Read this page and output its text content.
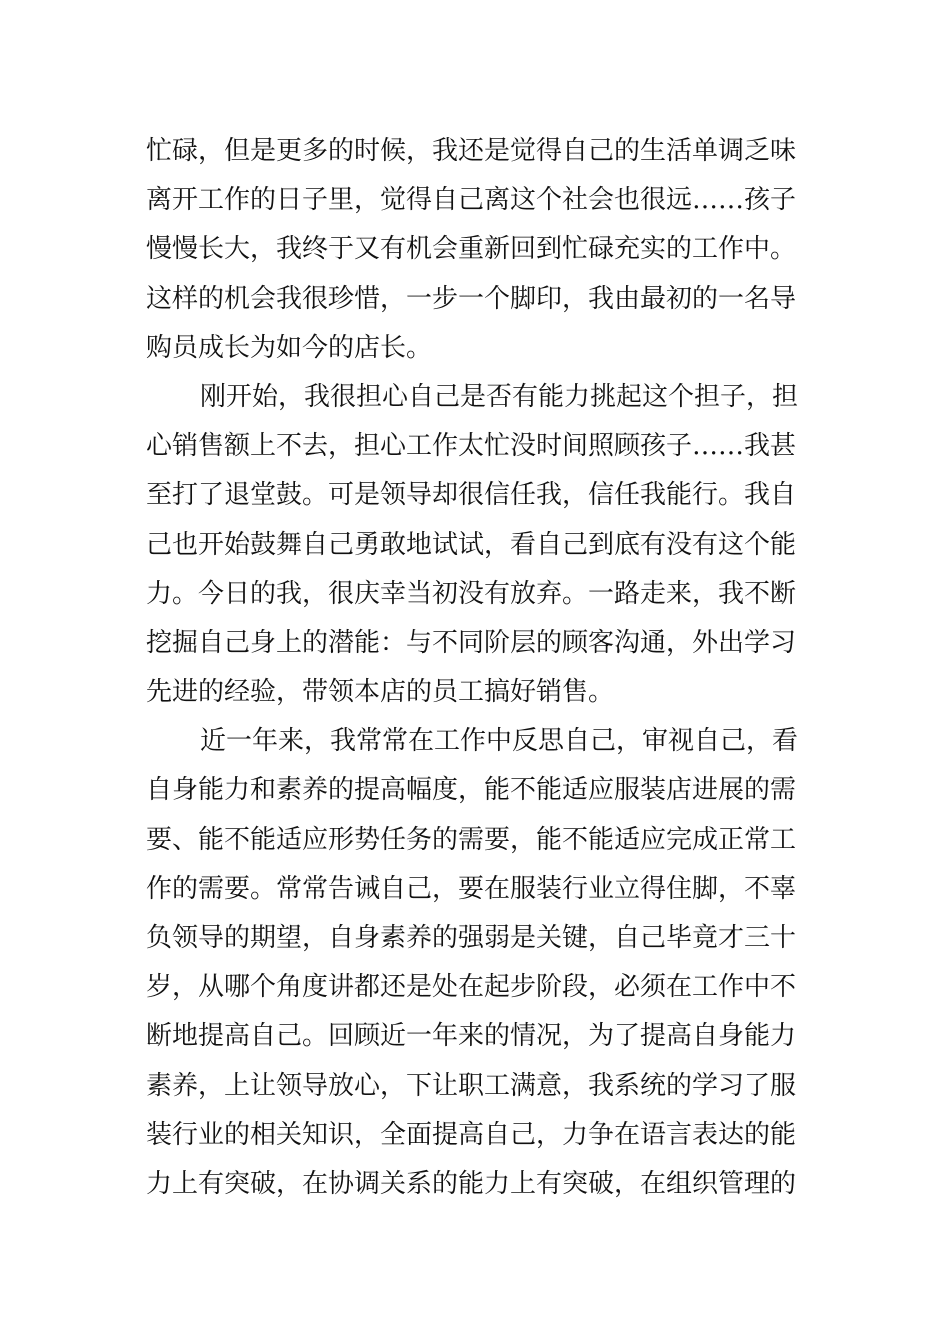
忙碌，但是更多的时候，我还是觉得自己的生活单调乏味
离开工作的日子里，觉得自己离这个社会也很远……孩子
慢慢长大，我终于又有机会重新回到忙碌充实的工作中。
这样的机会我很珍惜，一步一个脚印，我由最初的一名导
购员成长为如今的店长。
刚开始，我很担心自己是否有能力挑起这个担子，担
心销售额上不去，担心工作太忙没时间照顾孩子……我甚
至打了退堂鼓。可是领导却很信任我，信任我能行。我自
己也开始鼓舞自己勇敢地试试，看自己到底有没有这个能
力。今日的我，很庆幸当初没有放弃。一路走来，我不断
挖掘自己身上的潜能：与不同阶层的顾客沟通，外出学习
先进的经验，带领本店的员工搞好销售。
近一年来，我常常在工作中反思自己，审视自己，看
自身能力和素养的提高幅度，能不能适应服装店进展的需
要、能不能适应形势任务的需要，能不能适应完成正常工
作的需要。常常告诫自己，要在服装行业立得住脚，不辜
负领导的期望，自身素养的强弱是关键，自己毕竟才三十
岁，从哪个角度讲都还是处在起步阶段，必须在工作中不
断地提高自己。回顾近一年来的情况，为了提高自身能力
素养，上让领导放心，下让职工满意，我系统的学习了服
装行业的相关知识，全面提高自己，力争在语言表达的能
力上有突破，在协调关系的能力上有突破，在组织管理的
